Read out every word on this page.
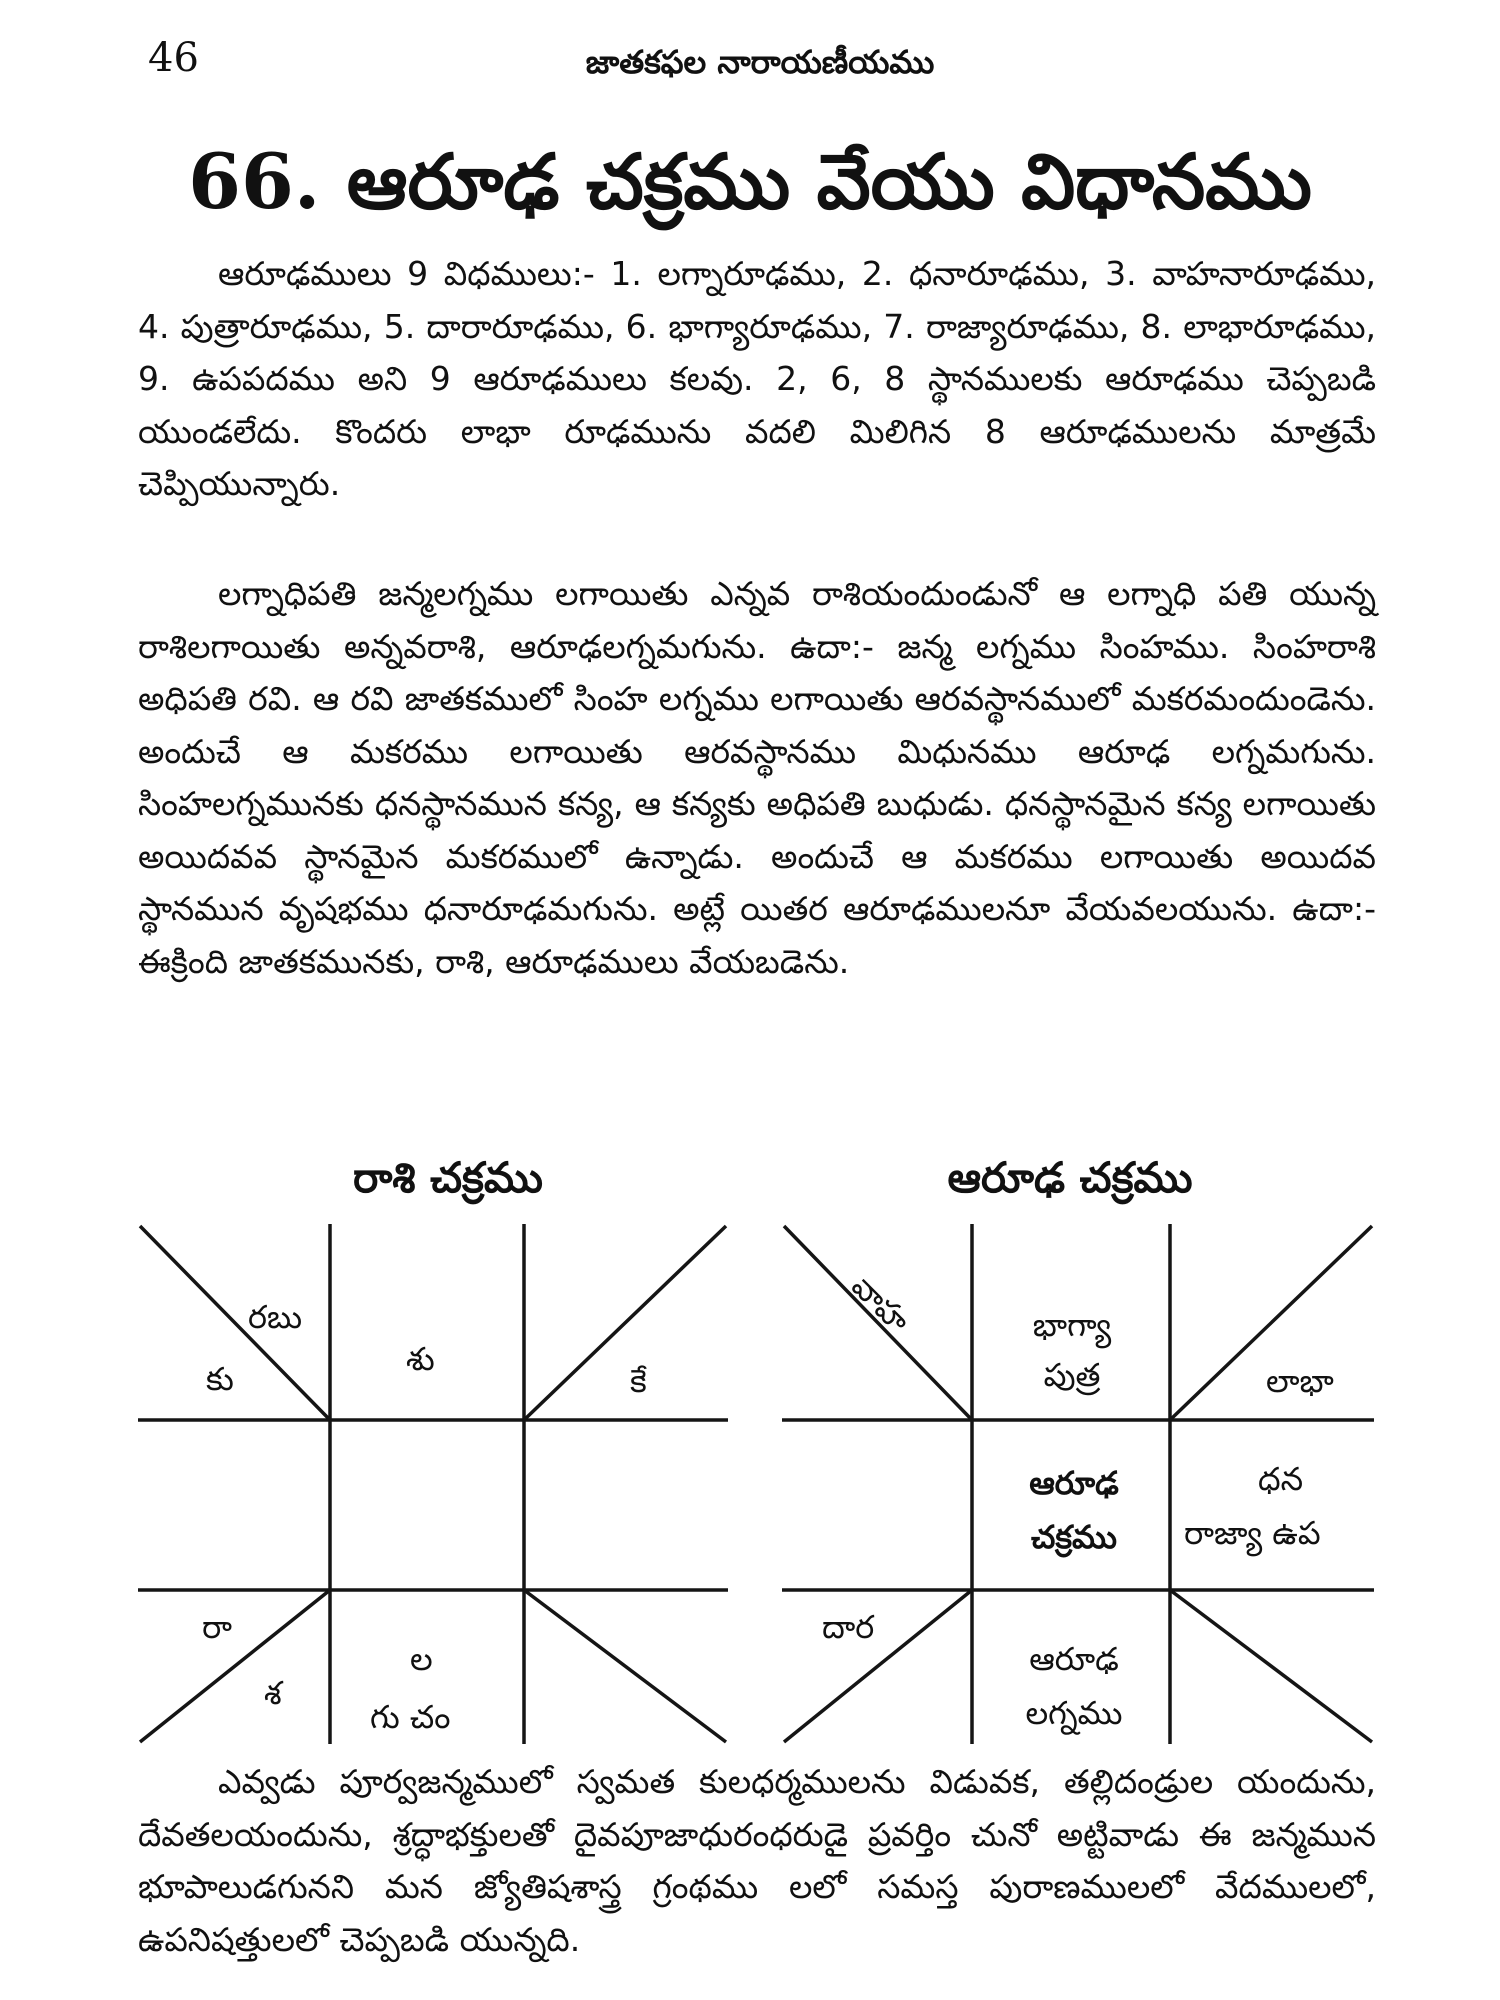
46	జాతకఫల నారాయణీయము
66. ఆరూఢ చక్రము వేయు విధానము

ఆరూఢములు 9 విధములు:- 1. లగ్నారూఢము, 2. ధనారూఢము, 3. వాహనారూఢము, 4. పుత్రారూఢము, 5. దారారూఢము, 6. భాగ్యారూఢము, 7. రాజ్యారూఢము, 8. లాభారూఢము, 9. ఉపపదము అని 9 ఆరూఢములు కలవు. 2, 6, 8 స్థానములకు ఆరూఢము చెప్పబడి యుండలేదు. కొందరు లాభా రూఢమును వదలి మిలిగిన 8 ఆరూఢములను మాత్రమే చెప్పియున్నారు.

లగ్నాధిపతి జన్మలగ్నము లగాయితు ఎన్నవ రాశియందుండునో ఆ లగ్నాధి పతి యున్న రాశిలగాయితు అన్నవరాశి, ఆరూఢలగ్నమగును. ఉదా:- జన్మ లగ్నము సింహము. సింహరాశి అధిపతి రవి. ఆ రవి జాతకములో సింహ లగ్నము లగాయితు ఆరవస్థానములో మకరమందుండెను. అందుచే ఆ మకరము లగాయితు ఆరవస్థానము మిధునము ఆరూఢ లగ్నమగును. సింహలగ్నమునకు ధనస్థానమున కన్య, ఆ కన్యకు అధిపతి బుధుడు. ధనస్థానమైన కన్య లగాయితు అయిదవవ స్థానమైన మకరములో ఉన్నాడు. అందుచే ఆ మకరము లగాయితు అయిదవ స్థానమున వృషభము ధనారూఢమగును. అట్లే యితర ఆరూఢములనూ వేయవలయును. ఉదా:-ఈక్రింది జాతకమునకు, రాశి, ఆరూఢములు వేయబడెను.

రాశి చక్రము	ఆరూఢ చక్రము
రబు
కు
శు
కే
రా
శ
ల
గు చం
వాహ	భాగ్యా
పుత్ర	లాభా
ఆరూఢ
చక్రము
ధన
రాజ్యా ఉప
దార
ఆరూఢ
లగ్నము

ఎవ్వడు పూర్వజన్మములో స్వమత కులధర్మములను విడువక, తల్లిదండ్రుల యందును, దేవతలయందును, శ్రద్ధాభక్తులతో దైవపూజాధురంధరుడై ప్రవర్తిం చునో అట్టివాడు ఈ జన్మమున భూపాలుడగునని మన జ్యోతిషశాస్త్ర గ్రంథము లలో సమస్త పురాణములలో వేదములలో, ఉపనిషత్తులలో చెప్పబడి యున్నది.
